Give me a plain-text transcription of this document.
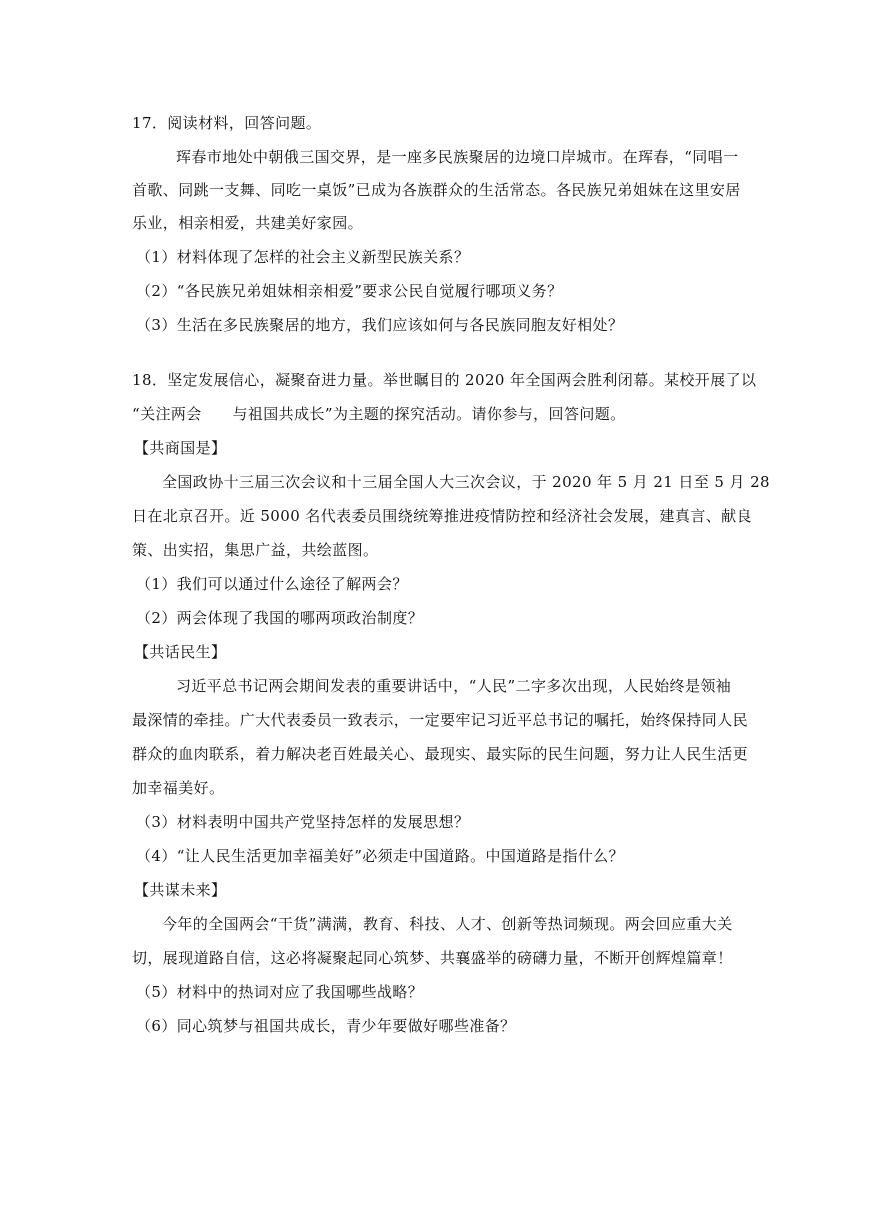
17．阅读材料，回答问题。
珲春市地处中朝俄三国交界，是一座多民族聚居的边境口岸城市。在珲春，“同唱一
首歌、同跳一支舞、同吃一桌饭”已成为各族群众的生活常态。各民族兄弟姐妹在这里安居
乐业，相亲相爱，共建美好家园。
（1）材料体现了怎样的社会主义新型民族关系？
（2）“各民族兄弟姐妹相亲相爱”要求公民自觉履行哪项义务？
（3）生活在多民族聚居的地方，我们应该如何与各民族同胞友好相处？
18．坚定发展信心，凝聚奋进力量。举世瞩目的 2020 年全国两会胜利闭幕。某校开展了以
“关注两会　　与祖国共成长”为主题的探究活动。请你参与，回答问题。
【共商国是】
全国政协十三届三次会议和十三届全国人大三次会议，于 2020 年 5 月 21 日至 5 月 28
日在北京召开。近 5000 名代表委员围绕统筹推进疫情防控和经济社会发展，建真言、献良
策、出实招，集思广益，共绘蓝图。
（1）我们可以通过什么途径了解两会？
（2）两会体现了我国的哪两项政治制度？
【共话民生】
习近平总书记两会期间发表的重要讲话中，“人民”二字多次出现，人民始终是领袖
最深情的牵挂。广大代表委员一致表示，一定要牢记习近平总书记的嘱托，始终保持同人民
群众的血肉联系，着力解决老百姓最关心、最现实、最实际的民生问题，努力让人民生活更
加幸福美好。
（3）材料表明中国共产党坚持怎样的发展思想？
（4）“让人民生活更加幸福美好”必须走中国道路。中国道路是指什么？
【共谋未来】
今年的全国两会“干货”满满，教育、科技、人才、创新等热词频现。两会回应重大关
切，展现道路自信，这必将凝聚起同心筑梦、共襄盛举的磅礴力量，不断开创辉煌篇章！
（5）材料中的热词对应了我国哪些战略？
（6）同心筑梦与祖国共成长，青少年要做好哪些准备？
